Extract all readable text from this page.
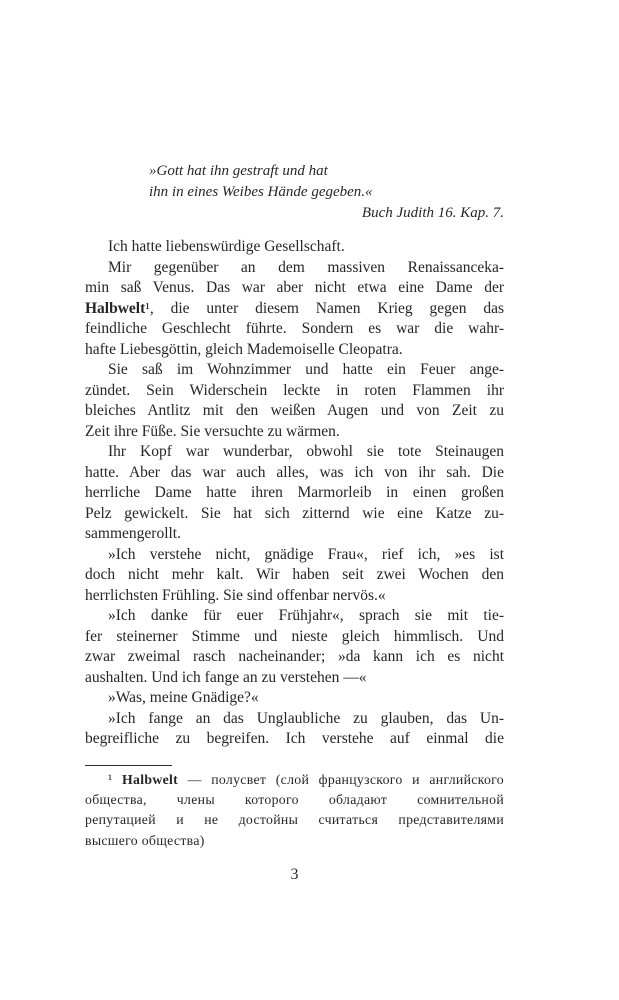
»Gott hat ihn gestraft und hat
ihn in eines Weibes Hände gegeben.«
Buch Judith 16. Kap. 7.
Ich hatte liebenswürdige Gesellschaft.
Mir gegenüber an dem massiven Renaissanceka-
min saß Venus. Das war aber nicht etwa eine Dame der
Halbwelt¹, die unter diesem Namen Krieg gegen das
feindliche Geschlecht führte. Sondern es war die wahr-
hafte Liebesgöttin, gleich Mademoiselle Cleopatra.
Sie saß im Wohnzimmer und hatte ein Feuer ange-
zündet. Sein Widerschein leckte in roten Flammen ihr
bleiches Antlitz mit den weißen Augen und von Zeit zu
Zeit ihre Füße. Sie versuchte zu wärmen.
Ihr Kopf war wunderbar, obwohl sie tote Steinaugen
hatte. Aber das war auch alles, was ich von ihr sah. Die
herrliche Dame hatte ihren Marmorleib in einen großen
Pelz gewickelt. Sie hat sich zitternd wie eine Katze zu-
sammengerollt.
»Ich verstehe nicht, gnädige Frau«, rief ich, »es ist
doch nicht mehr kalt. Wir haben seit zwei Wochen den
herrlichsten Frühling. Sie sind offenbar nervös.«
»Ich danke für euer Frühjahr«, sprach sie mit tie-
fer steinerner Stimme und nieste gleich himmlisch. Und
zwar zweimal rasch nacheinander; »da kann ich es nicht
aushalten. Und ich fange an zu verstehen —«
»Was, meine Gnädige?«
»Ich fange an das Unglaubliche zu glauben, das Un-
begreifliche zu begreifen. Ich verstehe auf einmal die
¹ Halbwelt — полусвет (слой французского и английского
общества, члены которого обладают сомнительной
репутацией и не достойны считаться представителями
высшего общества)
3
